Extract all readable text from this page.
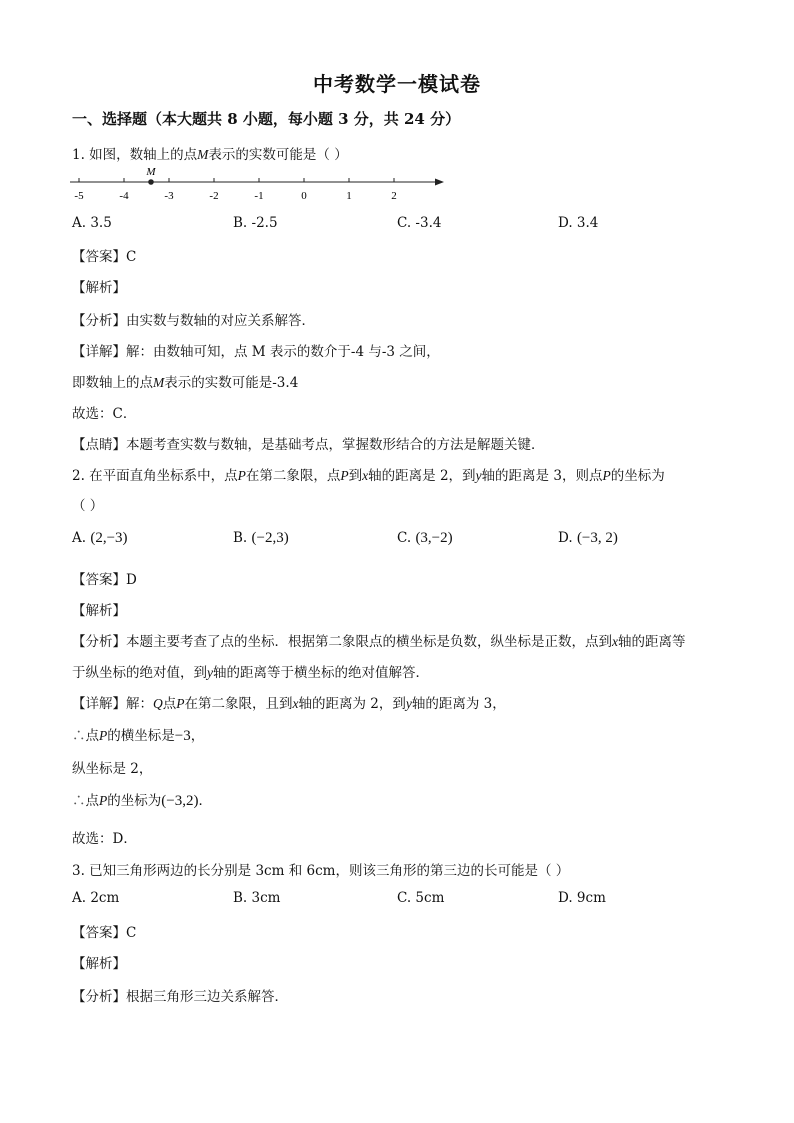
中考数学一模试卷
一、选择题（本大题共 8 小题，每小题 3 分，共 24 分）
1. 如图，数轴上的点M表示的实数可能是（ ）
-5	-4	-3	-2	-1	0	1	2
M
A. 3.5	B. -2.5	C. -3.4	D. 3.4
【答案】C
【解析】
【分析】由实数与数轴的对应关系解答．
【详解】解：由数轴可知，点 M 表示的数介于-4 与-3 之间，
即数轴上的点M表示的实数可能是-3.4
故选：C．
【点睛】本题考查实数与数轴，是基础考点，掌握数形结合的方法是解题关键．
2. 在平面直角坐标系中，点P在第二象限，点P到x轴的距离是 2，到y轴的距离是 3，则点P的坐标为
（ ）
A. (2,−3)	B. (−2,3)	C. (3,−2)	D. (−3, 2)
【答案】D
【解析】
【分析】本题主要考查了点的坐标．根据第二象限点的横坐标是负数，纵坐标是正数，点到x轴的距离等
于纵坐标的绝对值，到y轴的距离等于横坐标的绝对值解答．
【详解】解：Q点P在第二象限，且到x轴的距离为 2，到y轴的距离为 3，
∴点P的横坐标是−3，
纵坐标是 2，
∴点P的坐标为(−3,2)．
故选：D．
3. 已知三角形两边的长分别是 3cm 和 6cm，则该三角形的第三边的长可能是（ ）
A. 2cm	B. 3cm	C. 5cm	D. 9cm
【答案】C
【解析】
【分析】根据三角形三边关系解答．
